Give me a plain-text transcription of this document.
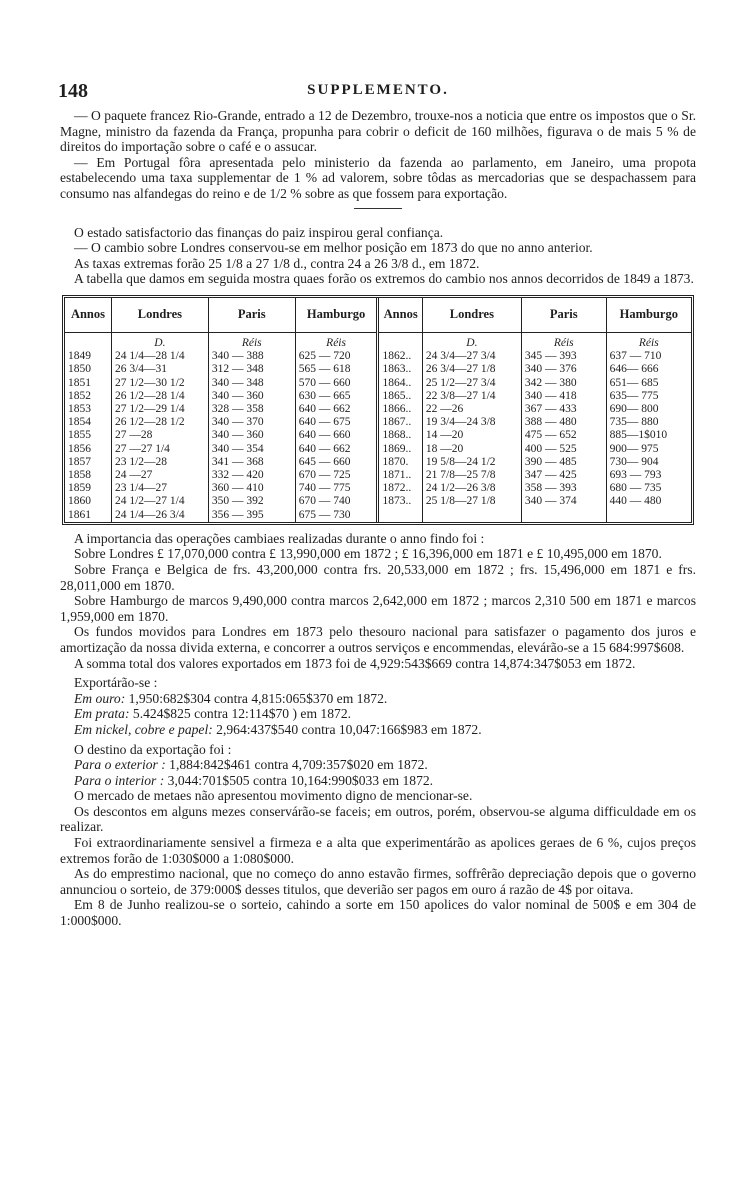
148	SUPPLEMENTO.

— O paquete francez Rio-Grande, entrado a 12 de Dezembro, trouxe-nos a noticia que entre os impostos que o Sr. Magne, ministro da fazenda da França, propunha para cobrir o deficit de 160 milhões, figurava o de mais 5 % de direitos do importação sobre o café e o assucar.

— Em Portugal fôra apresentada pelo ministerio da fazenda ao parlamento, em Janeiro, uma propota estabelecendo uma taxa supplementar de 1 % ad valorem, sobre tôdas as mercadorias que se despachassem para consumo nas alfandegas do reino e de 1/2 % sobre as que fossem para exportação.

O estado satisfactorio das finanças do paiz inspirou geral confiança.

— O cambio sobre Londres conservou-se em melhor posição em 1873 do que no anno anterior.

As taxas extremas forão 25 1/8 a 27 1/8 d., contra 24 a 26 3/8 d., em 1872.

A tabella que damos em seguida mostra quaes forão os extremos do cambio nos annos decorridos de 1849 a 1873.

Annos	Londres	Paris	Hamburgo	Annos	Londres	Paris	Hamburgo
	D.	Réis	Réis		D.	Réis	Réis
1849	24 1/4—28 1/4	340 — 388	625 — 720	1862..	24 3/4—27 3/4	345 — 393	637 — 710
1850	26 3/4—31	312 — 348	565 — 618	1863..	26 3/4—27 1/8	340 — 376	646— 666
1851	27 1/2—30 1/2	340 — 348	570 — 660	1864..	25 1/2—27 3/4	342 — 380	651— 685
1852	26 1/2—28 1/4	340 — 360	630 — 665	1865..	22 3/8—27 1/4	340 — 418	635— 775
1853	27 1/2—29 1/4	328 — 358	640 — 662	1866..	22 —26	367 — 433	690— 800
1854	26 1/2—28 1/2	340 — 370	640 — 675	1867..	19 3/4—24 3/8	388 — 480	735— 880
1855	27 —28	340 — 360	640 — 660	1868..	14 —20	475 — 652	885—1$010
1856	27 —27 1/4	340 — 354	640 — 662	1869..	18 —20	400 — 525	900— 975
1857	23 1/2—28	341 — 368	645 — 660	1870.	19 5/8—24 1/2	390 — 485	730— 904
1858	24 —27	332 — 420	670 — 725	1871..	21 7/8—25 7/8	347 — 425	693 — 793
1859	23 1/4—27	360 — 410	740 — 775	1872..	24 1/2—26 3/8	358 — 393	680 — 735
1860	24 1/2—27 1/4	350 — 392	670 — 740	1873..	25 1/8—27 1/8	340 — 374	440 — 480
1861	24 1/4—26 3/4	356 — 395	675 — 730				

A importancia das operações cambiaes realizadas durante o anno findo foi :

Sobre Londres £ 17,070,000 contra £ 13,990,000 em 1872 ; £ 16,396,000 em 1871 e £ 10,495,000 em 1870.

Sobre França e Belgica de frs. 43,200,000 contra frs. 20,533,000 em 1872 ; frs. 15,496,000 em 1871 e frs. 28,011,000 em 1870.

Sobre Hamburgo de marcos 9,490,000 contra marcos 2,642,000 em 1872 ; marcos 2,310 500 em 1871 e marcos 1,959,000 em 1870.

Os fundos movidos para Londres em 1873 pelo thesouro nacional para satisfazer o pagamento dos juros e amortização da nossa divida externa, e concorrer a outros serviços e encommendas, elevárão-se a 15 684:997$608.

A somma total dos valores exportados em 1873 foi de 4,929:543$669 contra 14,874:347$053 em 1872.

Exportárão-se :

Em ouro: 1,950:682$304 contra 4,815:065$370 em 1872.

Em prata: 5.424$825 contra 12:114$70 ) em 1872.

Em nickel, cobre e papel: 2,964:437$540 contra 10,047:166$983 em 1872.

O destino da exportação foi :

Para o exterior : 1,884:842$461 contra 4,709:357$020 em 1872.

Para o interior : 3,044:701$505 contra 10,164:990$033 em 1872.

O mercado de metaes não apresentou movimento digno de mencionar-se.

Os descontos em alguns mezes conservárão-se faceis; em outros, porém, observou-se alguma difficuldade em os realizar.

Foi extraordinariamente sensivel a firmeza e a alta que experimentárão as apolices geraes de 6 %, cujos preços extremos forão de 1:030$000 a 1:080$000.

As do emprestimo nacional, que no começo do anno estavão firmes, soffrêrão depreciação depois que o governo annunciou o sorteio, de 379:000$ desses titulos, que deverião ser pagos em ouro á razão de 4$ por oitava.

Em 8 de Junho realizou-se o sorteio, cahindo a sorte em 150 apolices do valor nominal de 500$ e em 304 de 1:000$000.
